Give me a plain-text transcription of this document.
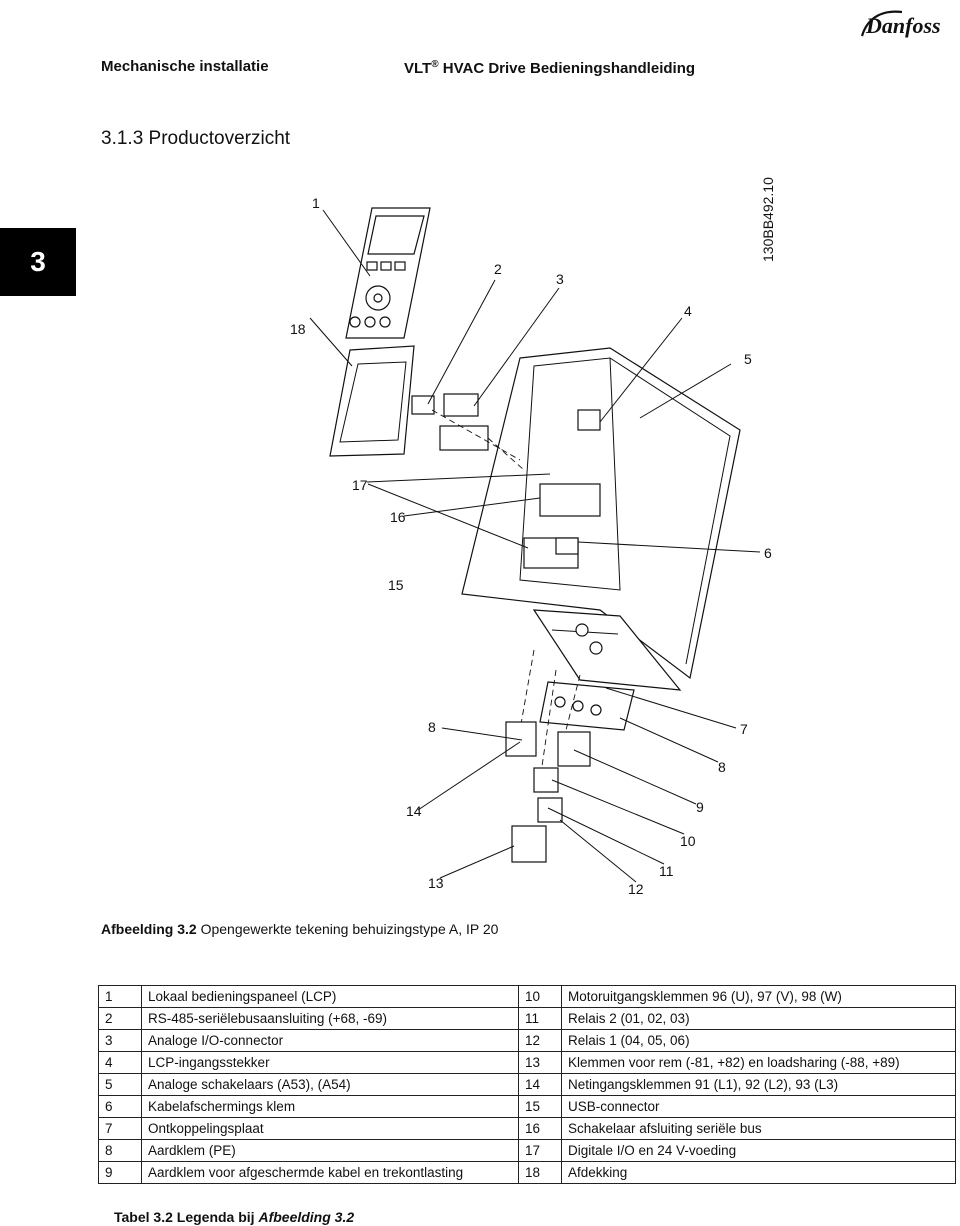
Mechanische installatie	VLT® HVAC Drive Bedieningshandleiding
Danfoss
3
3.1.3 Productoverzicht
130BB492.10
1
2
3
4
5
6
7
8
8
9
10
11
12
13
14
15
16
17
18
Afbeelding 3.2 Opengewerkte tekening behuizingstype A, IP 20
1	Lokaal bedieningspaneel (LCP)	10	Motoruitgangsklemmen 96 (U), 97 (V), 98 (W)
2	RS-485-seriëlebusaansluiting (+68, -69)	11	Relais 2 (01, 02, 03)
3	Analoge I/O-connector	12	Relais 1 (04, 05, 06)
4	LCP-ingangsstekker	13	Klemmen voor rem (-81, +82) en loadsharing (-88, +89)
5	Analoge schakelaars (A53), (A54)	14	Netingangsklemmen 91 (L1), 92 (L2), 93 (L3)
6	Kabelafschermings klem	15	USB-connector
7	Ontkoppelingsplaat	16	Schakelaar afsluiting seriële bus
8	Aardklem (PE)	17	Digitale I/O en 24 V-voeding
9	Aardklem voor afgeschermde kabel en trekontlasting	18	Afdekking
Tabel 3.2 Legenda bij Afbeelding 3.2
